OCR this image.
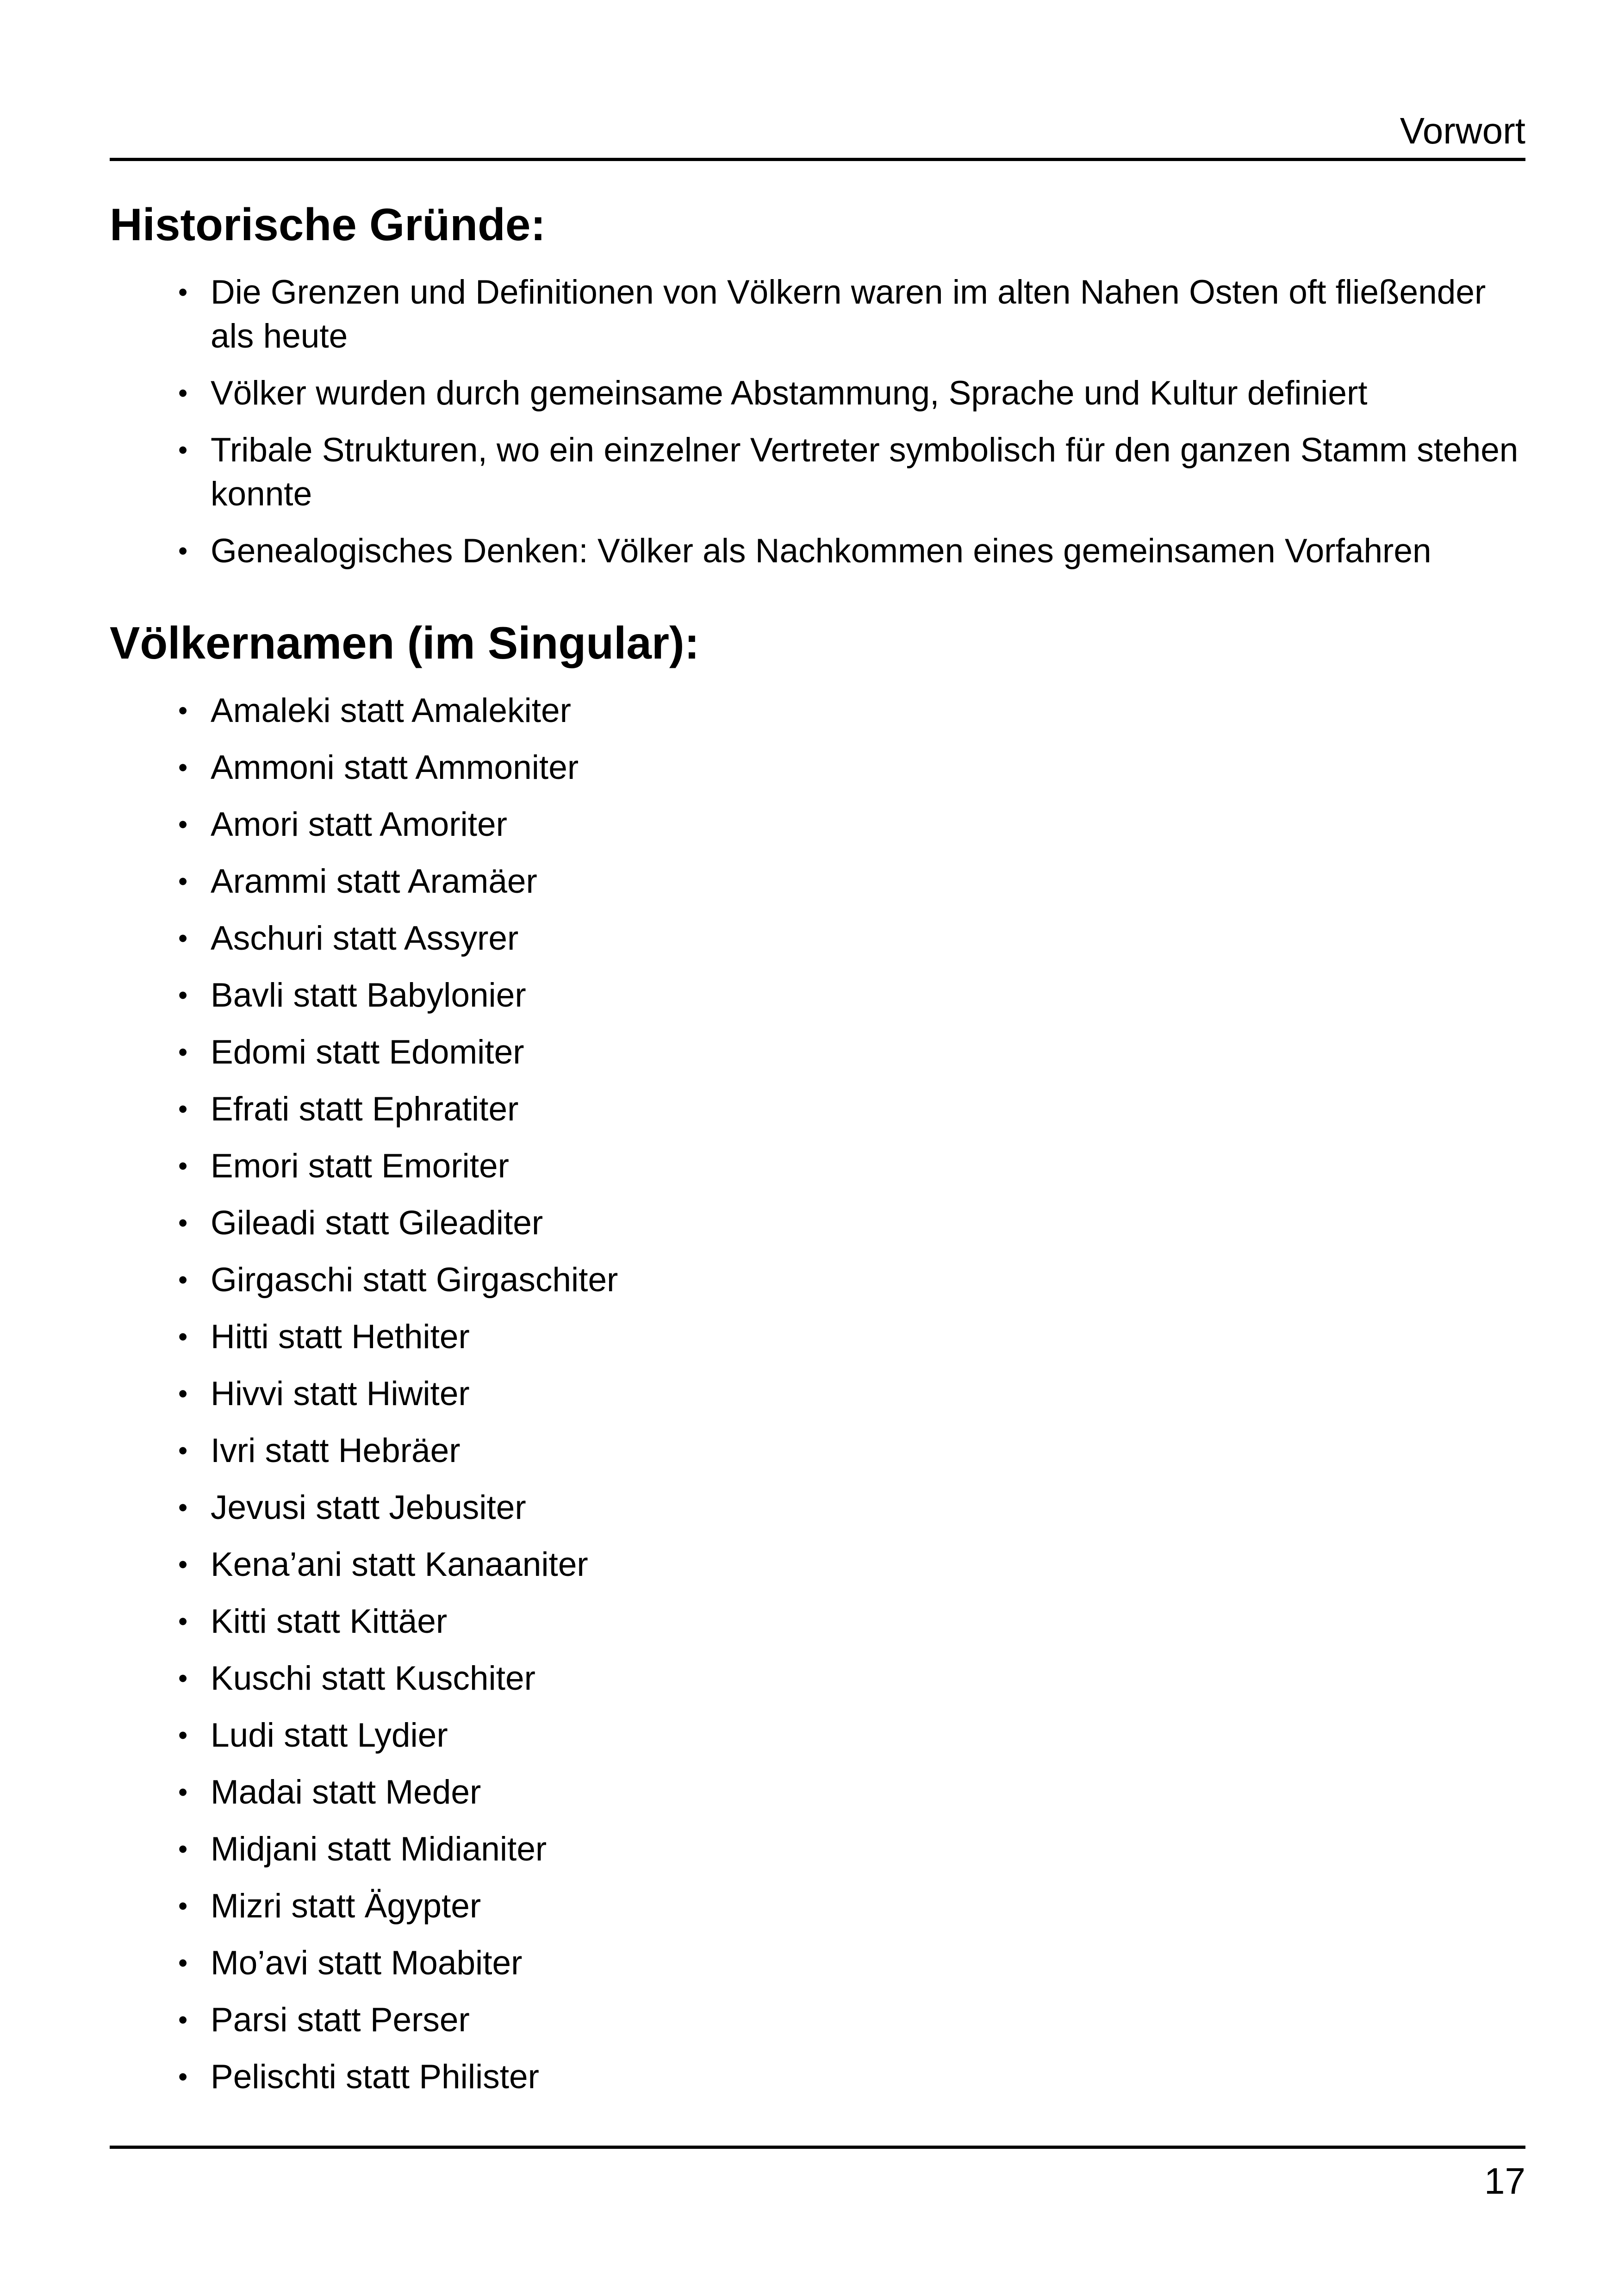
Vorwort
Historische Gründe:
• Die Grenzen und Definitionen von Völkern waren im alten Nahen Osten oft fließender als heute
• Völker wurden durch gemeinsame Abstammung, Sprache und Kultur definiert
• Tribale Strukturen, wo ein einzelner Vertreter symbolisch für den ganzen Stamm stehen konnte
• Genealogisches Denken: Völker als Nachkommen eines gemeinsamen Vorfahren
Völkernamen (im Singular):
• Amaleki statt Amalekiter
• Ammoni statt Ammoniter
• Amori statt Amoriter
• Arammi statt Aramäer
• Aschuri statt Assyrer
• Bavli statt Babylonier
• Edomi statt Edomiter
• Efrati statt Ephratiter
• Emori statt Emoriter
• Gileadi statt Gileaditer
• Girgaschi statt Girgaschiter
• Hitti statt Hethiter
• Hivvi statt Hiwiter
• Ivri statt Hebräer
• Jevusi statt Jebusiter
• Kena’ani statt Kanaaniter
• Kitti statt Kittäer
• Kuschi statt Kuschiter
• Ludi statt Lydier
• Madai statt Meder
• Midjani statt Midianiter
• Mizri statt Ägypter
• Mo’avi statt Moabiter
• Parsi statt Perser
• Pelischti statt Philister
17
